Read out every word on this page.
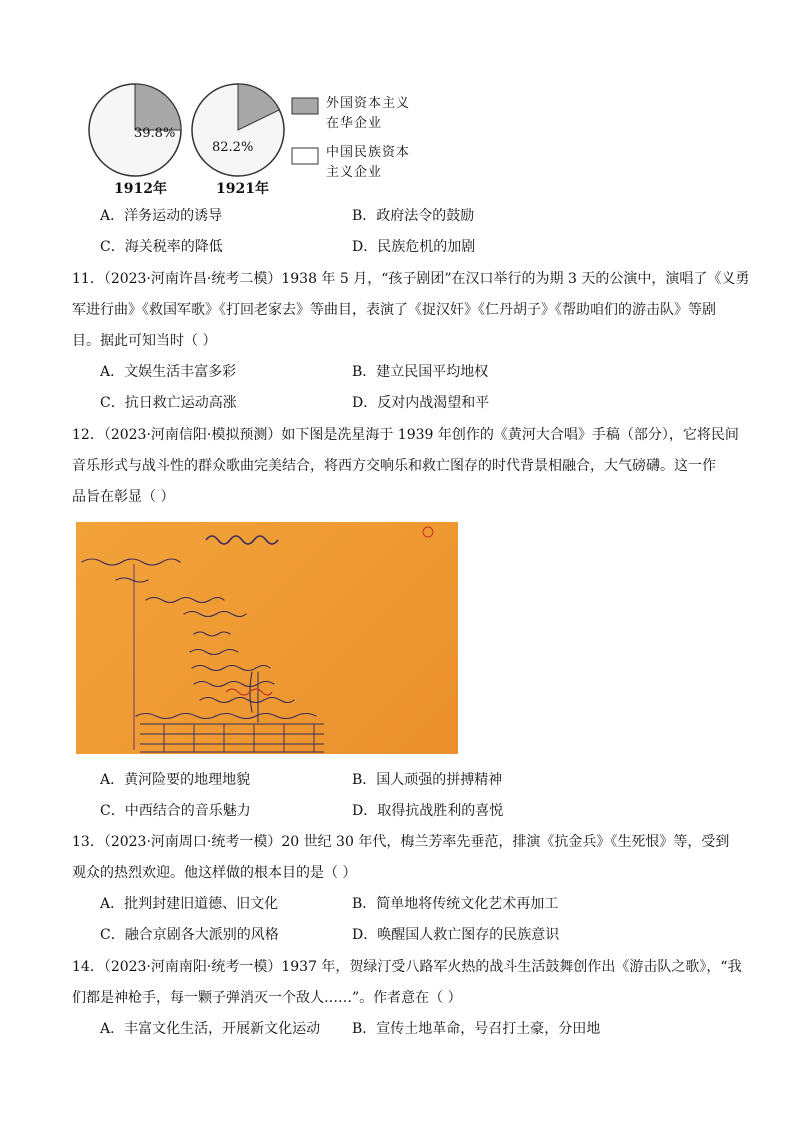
39.8%
82.2%
1912年	1921年
外国资本主义
在华企业
中国民族资本
主义企业
A．洋务运动的诱导	B．政府法令的鼓励
C．海关税率的降低	D．民族危机的加剧
11．（2023·河南许昌·统考二模）1938 年 5 月，“孩子剧团”在汉口举行的为期 3 天的公演中，演唱了《义勇
军进行曲》《救国军歌》《打回老家去》等曲目，表演了《捉汉奸》《仁丹胡子》《帮助咱们的游击队》等剧
目。据此可知当时（ ）
A．文娱生活丰富多彩	B．建立民国平均地权
C．抗日救亡运动高涨	D．反对内战渴望和平
12．（2023·河南信阳·模拟预测）如下图是冼星海于 1939 年创作的《黄河大合唱》手稿（部分），它将民间
音乐形式与战斗性的群众歌曲完美结合，将西方交响乐和救亡图存的时代背景相融合，大气磅礴。这一作
品旨在彰显（ ）
A．黄河险要的地理地貌	B．国人顽强的拼搏精神
C．中西结合的音乐魅力	D．取得抗战胜利的喜悦
13．（2023·河南周口·统考一模）20 世纪 30 年代，梅兰芳率先垂范，排演《抗金兵》《生死恨》等，受到
观众的热烈欢迎。他这样做的根本目的是（ ）
A．批判封建旧道德、旧文化	B．简单地将传统文化艺术再加工
C．融合京剧各大派别的风格	D．唤醒国人救亡图存的民族意识
14．（2023·河南南阳·统考一模）1937 年，贺绿汀受八路军火热的战斗生活鼓舞创作出《游击队之歌》，“我
们都是神枪手，每一颗子弹消灭一个敌人……”。作者意在（ ）
A．丰富文化生活，开展新文化运动 B．宣传土地革命，号召打土豪，分田地
